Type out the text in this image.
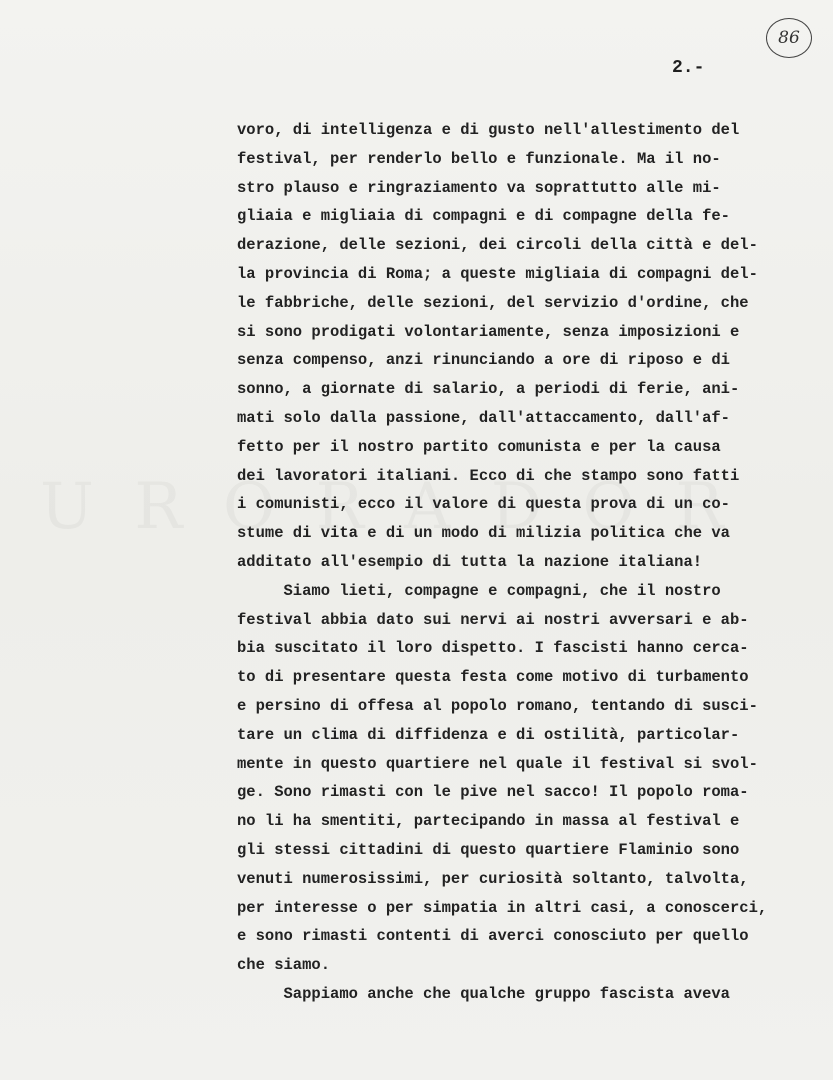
86
2.-
voro, di intelligenza e di gusto nell'allestimento del
festival, per renderlo bello e funzionale. Ma il no-
stro plauso e ringraziamento va soprattutto alle mi-
gliaia e migliaia di compagni e di compagne della fe-
derazione, delle sezioni, dei circoli della città e del-
la provincia di Roma; a queste migliaia di compagni del-
le fabbriche, delle sezioni, del servizio d'ordine, che
si sono prodigati volontariamente, senza imposizioni e
senza compenso, anzi rinunciando a ore di riposo e di
sonno, a giornate di salario, a periodi di ferie, ani-
mati solo dalla passione, dall'attaccamento, dall'af-
fetto per il nostro partito comunista e per la causa
dei lavoratori italiani. Ecco di che stampo sono fatti
i comunisti, ecco il valore di questa prova di un co-
stume di vita e di un modo di milizia politica che va
additato all'esempio di tutta la nazione italiana!
Siamo lieti, compagne e compagni, che il nostro
festival abbia dato sui nervi ai nostri avversari e ab-
bia suscitato il loro dispetto. I fascisti hanno cerca-
to di presentare questa festa come motivo di turbamento
e persino di offesa al popolo romano, tentando di susci-
tare un clima di diffidenza e di ostilità, particolar-
mente in questo quartiere nel quale il festival si svol-
ge. Sono rimasti con le pive nel sacco! Il popolo roma-
no li ha smentiti, partecipando in massa al festival e
gli stessi cittadini di questo quartiere Flaminio sono
venuti numerosissimi, per curiosità soltanto, talvolta,
per interesse o per simpatia in altri casi, a conoscerci,
e sono rimasti contenti di averci conosciuto per quello
che siamo.
Sappiamo anche che qualche gruppo fascista aveva
